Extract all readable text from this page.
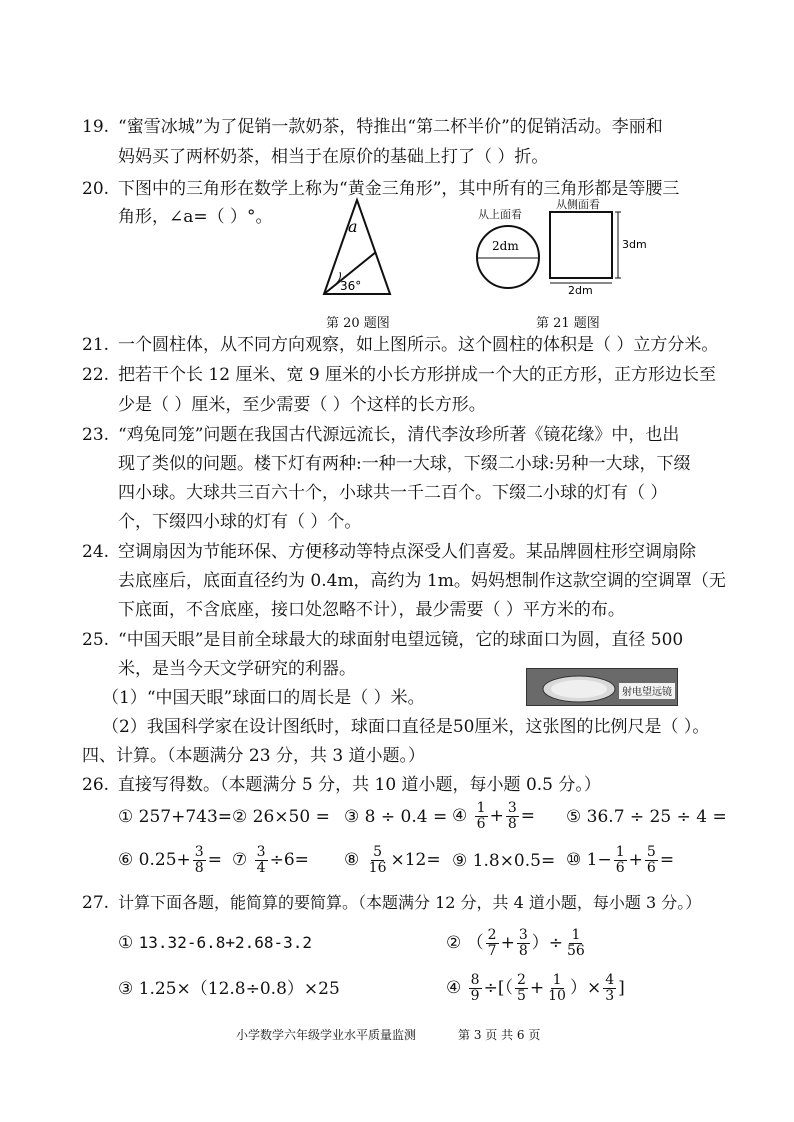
19. “蜜雪冰城”为了促销一款奶茶，特推出“第二杯半价”的促销活动。李丽和
妈妈买了两杯奶茶，相当于在原价的基础上打了（ ）折。
20. 下图中的三角形在数学上称为“黄金三角形”，其中所有的三角形都是等腰三
角形，∠a=（ ）°。	a
36°
第 20 题图
从上面看
2dm
从侧面看
3dm
2dm
第 21 题图
21. 一个圆柱体，从不同方向观察，如上图所示。这个圆柱的体积是（ ）立方分米。
22. 把若干个长 12 厘米、宽 9 厘米的小长方形拼成一个大的正方形，正方形边长至
少是（ ）厘米，至少需要（ ）个这样的长方形。
23. “鸡兔同笼”问题在我国古代源远流长，清代李汝珍所著《镜花缘》中，也出
现了类似的问题。楼下灯有两种:一种一大球，下缀二小球:另种一大球，下缀
四小球。大球共三百六十个，小球共一千二百个。下缀二小球的灯有（ ）
个，下缀四小球的灯有（ ）个。
24. 空调扇因为节能环保、方便移动等特点深受人们喜爱。某品牌圆柱形空调扇除
去底座后，底面直径约为 0.4m，高约为 1m。妈妈想制作这款空调的空调罩（无
下底面，不含底座，接口处忽略不计），最少需要（ ）平方米的布。
25. “中国天眼”是目前全球最大的球面射电望远镜，它的球面口为圆，直径 500
米，是当今天文学研究的利器。
（1）“中国天眼”球面口的周长是（ ）米。
（2）我国科学家在设计图纸时，球面口直径是50厘米，这张图的比例尺是（ ）。
射电望远镜
四、计算。（本题满分 23 分，共 3 道小题。）
26. 直接写得数。（本题满分 5 分，共 10 道小题，每小题 0.5 分。）
① 257+743= ② 26×50 = ③ 8 ÷ 0.4 = ④ $\frac{1}{6} + \frac{3}{8}$ = ⑤ 36.7 ÷ 25 ÷ 4 =
⑥ $0.25+ \frac{3}{8}$ = ⑦ $\frac{3}{4} \div 6=$ ⑧ $\frac{5}{16} \times 12=$ ⑨ 1.8×0.5= ⑩ $1- \frac{1}{6} + \frac{5}{6}$ =
27. 计算下面各题，能简算的要简算。（本题满分 12 分，共 4 道小题，每小题 3 分。）
① 13.32-6.8+2.68-3.2	② （ $\frac{2}{7} + \frac{3}{8}$ ）÷ $\frac{1}{56}$
③ 1.25×（12.8÷0.8）×25	④ $\frac{8}{9}$ ÷[（ $\frac{2}{5} + \frac{1}{10}$ ）× $\frac{4}{3}$ ]
小学数学六年级学业水平质量监测	第 3 页 共 6 页
